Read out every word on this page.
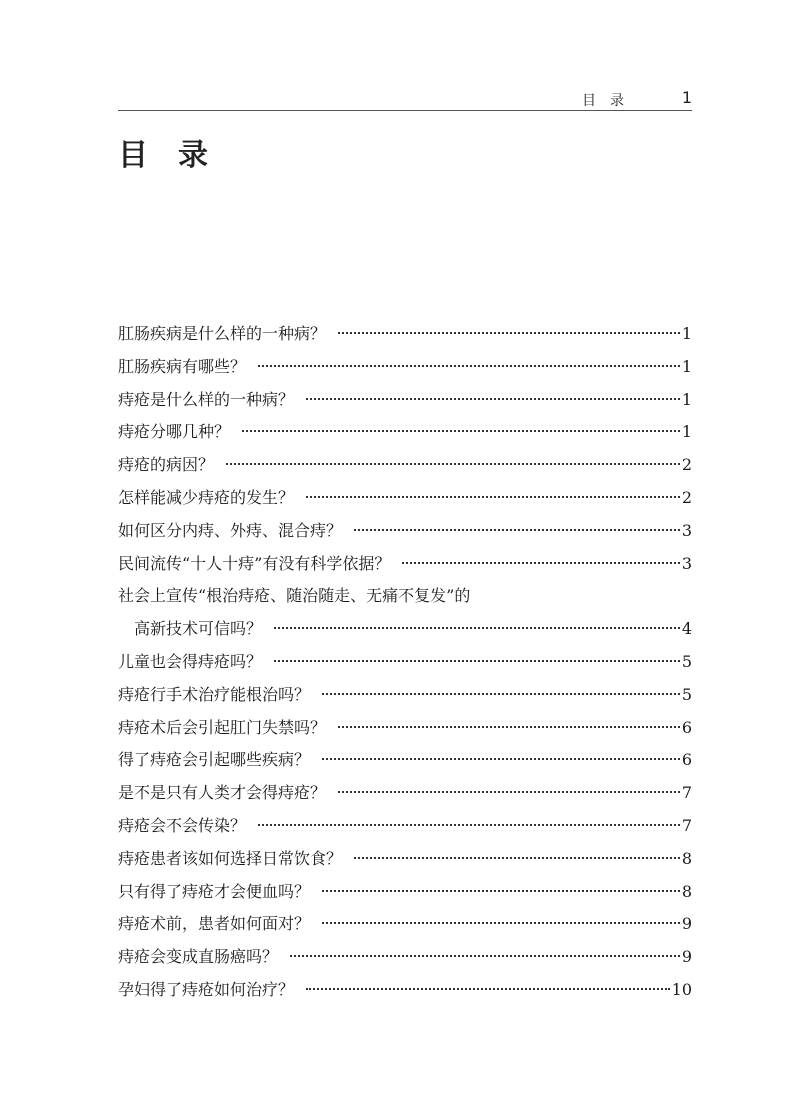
目录	1
目录
肛肠疾病是什么样的一种病？	1
肛肠疾病有哪些？	1
痔疮是什么样的一种病？	1
痔疮分哪几种？	1
痔疮的病因？	2
怎样能减少痔疮的发生？	2
如何区分内痔、外痔、混合痔？	3
民间流传“十人十痔”有没有科学依据？	3
社会上宣传“根治痔疮、随治随走、无痛不复发”的
高新技术可信吗？	4
儿童也会得痔疮吗？	5
痔疮行手术治疗能根治吗？	5
痔疮术后会引起肛门失禁吗？	6
得了痔疮会引起哪些疾病？	6
是不是只有人类才会得痔疮？	7
痔疮会不会传染？	7
痔疮患者该如何选择日常饮食？	8
只有得了痔疮才会便血吗？	8
痔疮术前，患者如何面对？	9
痔疮会变成直肠癌吗？	9
孕妇得了痔疮如何治疗？	10
